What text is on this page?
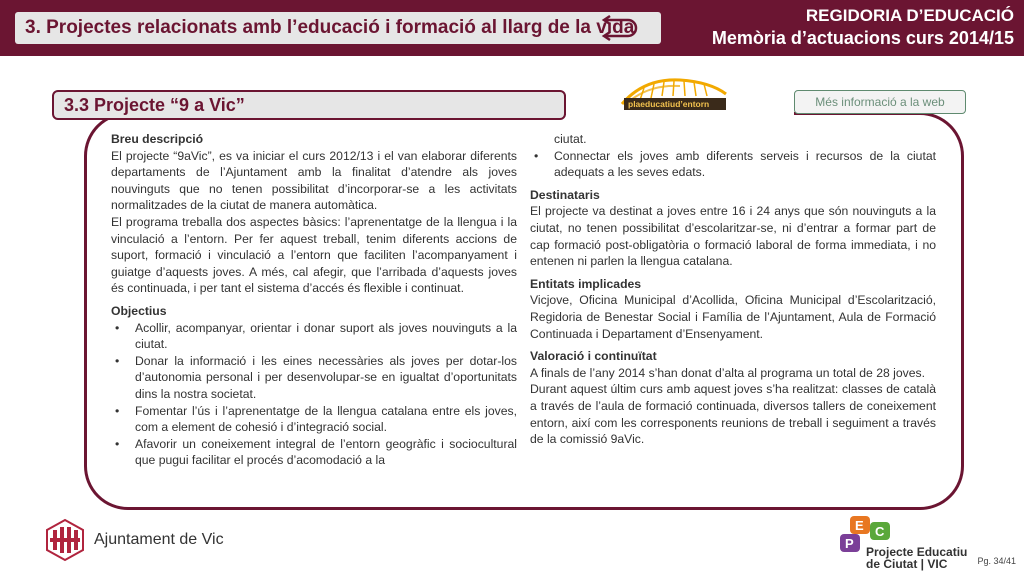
3. Projectes relacionats amb l’educació i formació al llarg de la vida
REGIDORIA D’EDUCACIÓ
Memòria d’actuacions curs 2014/15
3.3 Projecte “9 a Vic”	plaeducatiud’entorn	Més informació a la web
Breu descripció

El projecte “9aVic”, es va iniciar el curs 2012/13 i el van elaborar diferents departaments de l’Ajuntament amb la finalitat d’atendre als joves nouvinguts que no tenen possibilitat d’incorporar-se a les activitats normalitzades de la ciutat de manera automàtica.

El programa treballa dos aspectes bàsics: l’aprenentatge de la llengua i la vinculació a l’entorn. Per fer aquest treball, tenim diferents accions de suport, formació i vinculació a l’entorn que faciliten l’acompanyament i guiatge d’aquests joves. A més, cal afegir, que l’arribada d’aquests joves és continuada, i per tant el sistema d’accés és flexible i continuat.

Objectius
• Acollir, acompanyar, orientar i donar suport als joves nouvinguts a la ciutat.
• Donar la informació i les eines necessàries als joves per dotar-los d’autonomia personal i per desenvolupar-se en igualtat d’oportunitats dins la nostra societat.
• Fomentar l’ús i l’aprenentatge de la llengua catalana entre els joves, com a element de cohesió i d’integració social.
• Afavorir un coneixement integral de l’entorn geogràfic i sociocultural que pugui facilitar el procés d’acomodació a la

ciutat.

• Connectar els joves amb diferents serveis i recursos de la ciutat adequats a les seves edats.
Destinataris

El projecte va destinat a joves entre 16 i 24 anys que són nouvinguts a la ciutat, no tenen possibilitat d’escolaritzar-se, ni d’entrar a formar part de cap formació post-obligatòria o formació laboral de forma immediata, i no entenen ni parlen la llengua catalana.

Entitats implicades

Vicjove, Oficina Municipal d’Acollida, Oficina Municipal d’Escolarització, Regidoria de Benestar Social i Família de l’Ajuntament, Aula de Formació Continuada i Departament d’Ensenyament.

Valoració i continuïtat

A finals de l’any 2014 s’han donat d’alta al programa un total de 28 joves.

Durant aquest últim curs amb aquest joves s’ha realitzat: classes de català a través de l’aula de formació continuada, diversos tallers de coneixement entorn, així com les corresponents reunions de treball i seguiment a través de la comissió 9aVic.

Ajuntament de Vic
E C
P
Projecte Educatiu
de Ciutat | VIC	Pg. 34/41
